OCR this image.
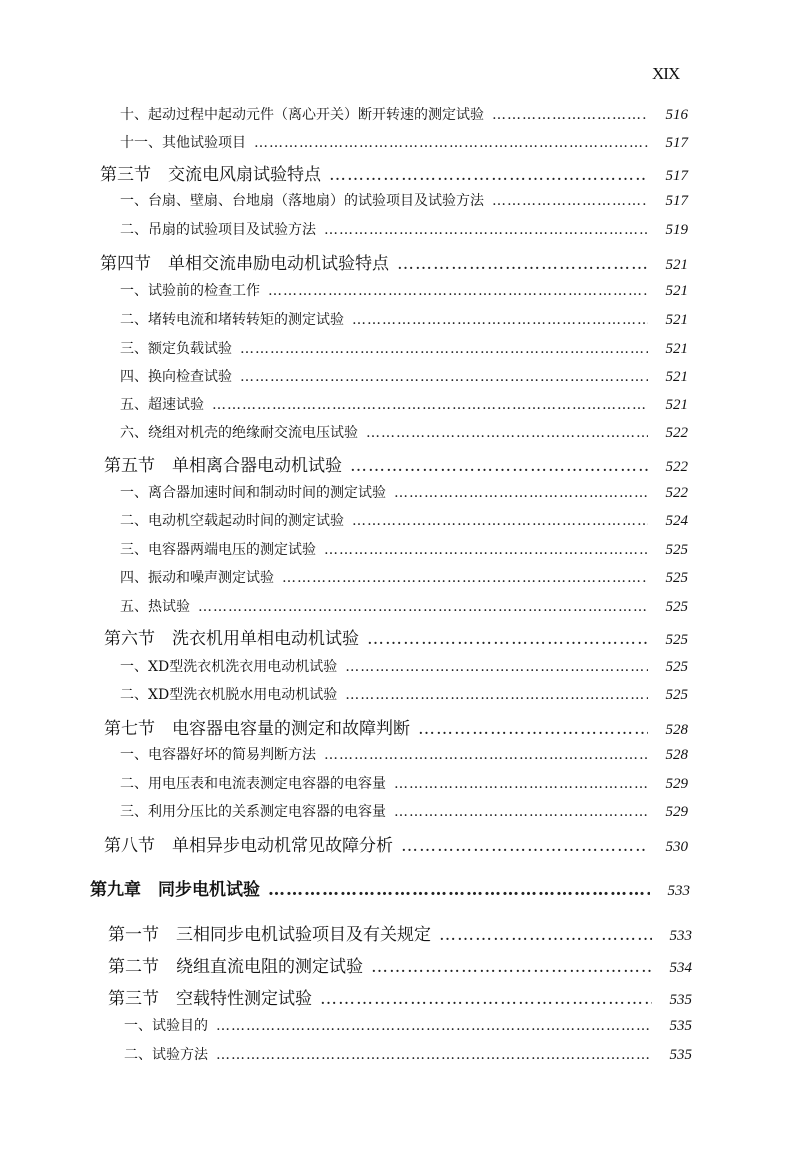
XIX
十、起动过程中起动元件（离心开关）断开转速的测定试验 ………………………………………………………………………………………………………………………………………………………………………………………………………………	516
十一、其他试验项目 ………………………………………………………………………………………………………………………………………………………………………………………………………………	517
第三节　交流电风扇试验特点 ………………………………………………………………………………………………………………………………………………………………………………………………………………	517
一、台扇、壁扇、台地扇（落地扇）的试验项目及试验方法 ………………………………………………………………………………………………………………………………………………………………………………………………………………	517
二、吊扇的试验项目及试验方法 ………………………………………………………………………………………………………………………………………………………………………………………………………………	519
第四节　单相交流串励电动机试验特点 ………………………………………………………………………………………………………………………………………………………………………………………………………………	521
一、试验前的检查工作 ………………………………………………………………………………………………………………………………………………………………………………………………………………	521
二、堵转电流和堵转转矩的测定试验 ………………………………………………………………………………………………………………………………………………………………………………………………………………	521
三、额定负载试验 ………………………………………………………………………………………………………………………………………………………………………………………………………………	521
四、换向检查试验 ………………………………………………………………………………………………………………………………………………………………………………………………………………	521
五、超速试验 ………………………………………………………………………………………………………………………………………………………………………………………………………………	521
六、绕组对机壳的绝缘耐交流电压试验 ………………………………………………………………………………………………………………………………………………………………………………………………………………	522
第五节　单相离合器电动机试验 ………………………………………………………………………………………………………………………………………………………………………………………………………………	522
一、离合器加速时间和制动时间的测定试验 ………………………………………………………………………………………………………………………………………………………………………………………………………………	522
二、电动机空载起动时间的测定试验 ………………………………………………………………………………………………………………………………………………………………………………………………………………	524
三、电容器两端电压的测定试验 ………………………………………………………………………………………………………………………………………………………………………………………………………………	525
四、振动和噪声测定试验 ………………………………………………………………………………………………………………………………………………………………………………………………………………	525
五、热试验 ………………………………………………………………………………………………………………………………………………………………………………………………………………	525
第六节　洗衣机用单相电动机试验 ………………………………………………………………………………………………………………………………………………………………………………………………………………	525
一、XD型洗衣机洗衣用电动机试验 ………………………………………………………………………………………………………………………………………………………………………………………………………………	525
二、XD型洗衣机脱水用电动机试验 ………………………………………………………………………………………………………………………………………………………………………………………………………………	525
第七节　电容器电容量的测定和故障判断 ………………………………………………………………………………………………………………………………………………………………………………………………………………	528
一、电容器好坏的简易判断方法 ………………………………………………………………………………………………………………………………………………………………………………………………………………	528
二、用电压表和电流表测定电容器的电容量 ………………………………………………………………………………………………………………………………………………………………………………………………………………	529
三、利用分压比的关系测定电容器的电容量 ………………………………………………………………………………………………………………………………………………………………………………………………………………	529
第八节　单相异步电动机常见故障分析 ………………………………………………………………………………………………………………………………………………………………………………………………………………	530
第九章　同步电机试验 ………………………………………………………………………………………………………………………………………………………………………………………………………………	533
第一节　三相同步电机试验项目及有关规定 ………………………………………………………………………………………………………………………………………………………………………………………………………………	533
第二节　绕组直流电阻的测定试验 ………………………………………………………………………………………………………………………………………………………………………………………………………………	534
第三节　空载特性测定试验 ………………………………………………………………………………………………………………………………………………………………………………………………………………	535
一、试验目的 ………………………………………………………………………………………………………………………………………………………………………………………………………………	535
二、试验方法 ………………………………………………………………………………………………………………………………………………………………………………………………………………	535
